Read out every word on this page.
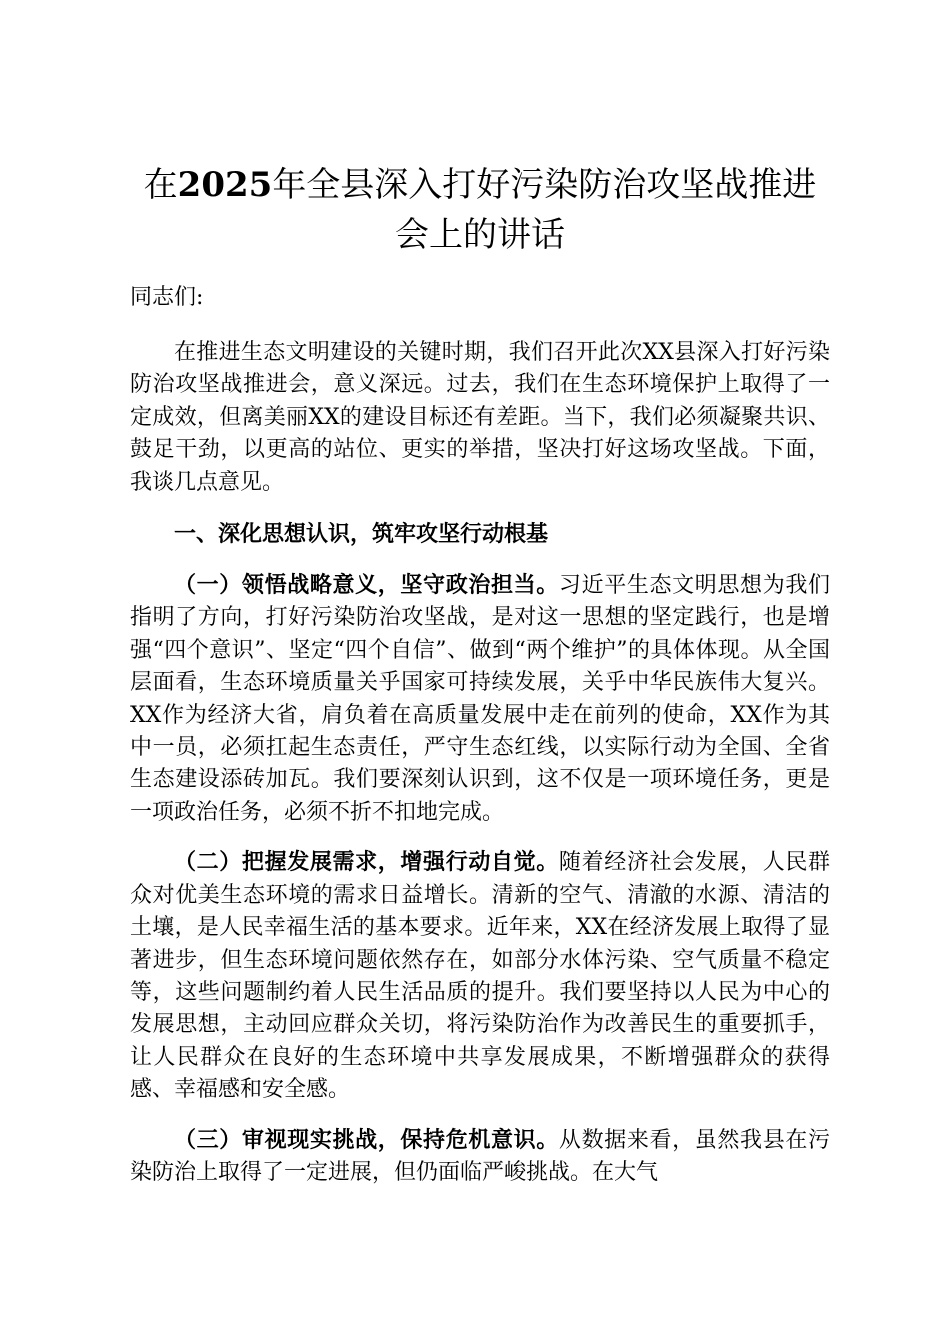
在2025年全县深入打好污染防治攻坚战推进会上的讲话
同志们:

在推进生态文明建设的关键时期，我们召开此次XX县深入打好污染防治攻坚战推进会，意义深远。过去，我们在生态环境保护上取得了一定成效，但离美丽XX的建设目标还有差距。当下，我们必须凝聚共识、鼓足干劲，以更高的站位、更实的举措，坚决打好这场攻坚战。下面，我谈几点意见。

一、深化思想认识，筑牢攻坚行动根基

（一）领悟战略意义，坚守政治担当。习近平生态文明思想为我们指明了方向，打好污染防治攻坚战，是对这一思想的坚定践行，也是增强“四个意识”、坚定“四个自信”、做到“两个维护”的具体体现。从全国层面看，生态环境质量关乎国家可持续发展，关乎中华民族伟大复兴。XX作为经济大省，肩负着在高质量发展中走在前列的使命，XX作为其中一员，必须扛起生态责任，严守生态红线，以实际行动为全国、全省生态建设添砖加瓦。我们要深刻认识到，这不仅是一项环境任务，更是一项政治任务，必须不折不扣地完成。

（二）把握发展需求，增强行动自觉。随着经济社会发展，人民群众对优美生态环境的需求日益增长。清新的空气、清澈的水源、清洁的土壤，是人民幸福生活的基本要求。近年来，XX在经济发展上取得了显著进步，但生态环境问题依然存在，如部分水体污染、空气质量不稳定等，这些问题制约着人民生活品质的提升。我们要坚持以人民为中心的发展思想，主动回应群众关切，将污染防治作为改善民生的重要抓手，让人民群众在良好的生态环境中共享发展成果，不断增强群众的获得感、幸福感和安全感。

（三）审视现实挑战，保持危机意识。从数据来看，虽然我县在污染防治上取得了一定进展，但仍面临严峻挑战。在大气
